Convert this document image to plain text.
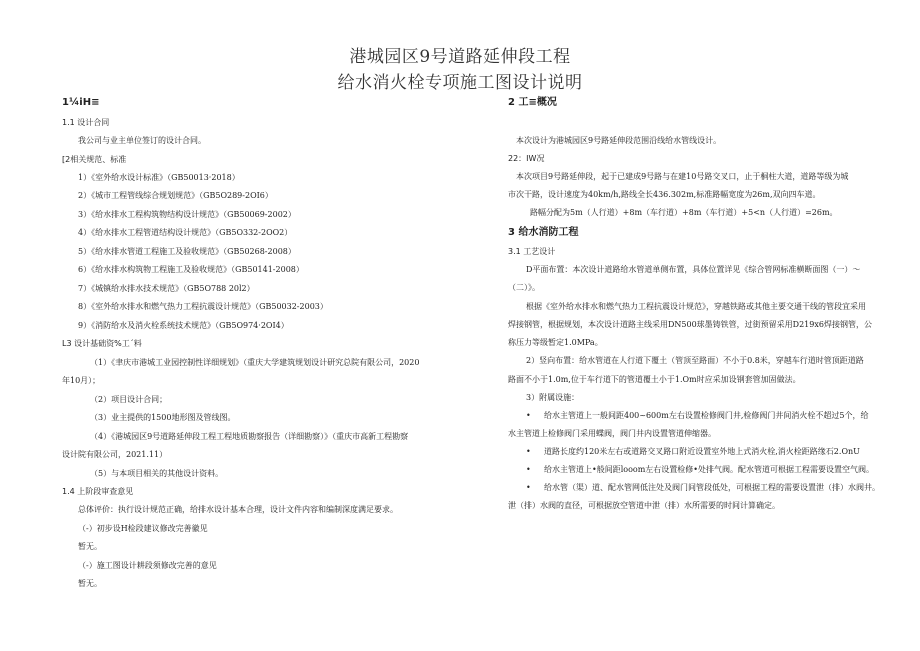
港城园区9号道路延伸段工程
给水消火栓专项施工图设计说明

1¼iH≡

1.1 设计合同

我公司与业主单位签订的设计合同。

[2相关规范、标准

1）《室外给水设计标准》（GB50013·2018）

2）《城市工程管线综合规划规范》（GB5O289-2OI6）

3）《给水排水工程构筑物结构设计规范》（GB50069-2002）

4）《给水排水工程管道结构设计规范》（GB5O332-2OO2）

5）《给水排水管道工程施工及验收规范》（GB50268-2008）

6）《给水排水构筑物工程施工及验收规范》（GB50141-2008）

7）《城镇给水排水技术规范》（GB5O788 20l2）

8）《室外给水排水和燃气热力工程抗震设计规范》（GB50032-2003）

9）《消防给水及消火栓系统技术规范》（GB5O974·2OI4）

L3 设计基础资%工´料

（1）《聿庆市港城工业园控制性详细规划》（重庆大学建筑规划设计研究总院有限公司，2020

年10月）；

（2）项目设计合同；

（3）业主提供的1500地形图及管线图。

（4）《港城园区9号道路延伸段工程工程地质勘察报告（详细勘察）》（重庆市高新工程勘察

设计院有限公司，2021.11）

（5）与本项目相关的其他设计资料。

1.4 上阶段审查意见

总体评价：执行设计规范正确，给排水设计基本合理，设计文件内容和编制深度满足要求。

（-）初步设H检段建议修改完善徽见

暂无。

（-）施工图设计耕段须修改完善的意见

暂无。

2 工≡概况

本次设计为港城园区9号路延伸段范围沿线给水管线设计。

22：IW况

本次项目9号路延伸段，起于已建成9号路与在建10号路交叉口，止于桐柱大道，道路等级为城

市次干路，设计速度为40km∕h,路线全长436.302m,标准路幅宽度为26m,双向四车道。

路幅分配为5m（人行道）+8m（车行道）+8m（车行道）+5<n（人行道）=26m。

3 给水消防工程

3.1 工艺设计

D平面布置：本次设计道路给水管道单侧布置，具体位置详见《综合管网标准横断面图（一）～

（二）》。

根据《室外给水排水和燃气热力工程抗震设计规范》，穿越铁路或其他主要交通干线的管段宜采用

焊接钢管，根据规划，本次设计道路主线采用DN500球墨铸铁管，过街预留采用D219x6焊接钢管，公

称压力等级暂定1.0MPa。

2）竖向布置：给水管道在人行道下覆土（管顶至路面）不小于0.8米，穿越车行道时管顶距道路

路面不小于1.0m,位于车行道下的管道覆土小于1.Om时应采加设钢套管加固做法。

3）附属设施：

• 给水主管道上一般间距400~600m左右设置检修阀门井,检修阀门井间消火栓不超过5个，给

水主管道上检修阀门采用蝶阀，阀门井内设置管道伸缩器。

• 道路长度约120米左右或道路交叉路口附近设置室外地上式消火栓,消火栓距路缘石2.OnU

• 给水主管道上•般间距looom左右设置检修•处排气阀。配水管道可根据工程需要设置空气阀。

• 给水管（渠）道、配水管网低注处及阀门间管段低处，可根据工程的需要设置泄（排）水阀井。

泄（排）水阀的直径，可根据放空管道中泄（排）水所需要的时间计算确定。
